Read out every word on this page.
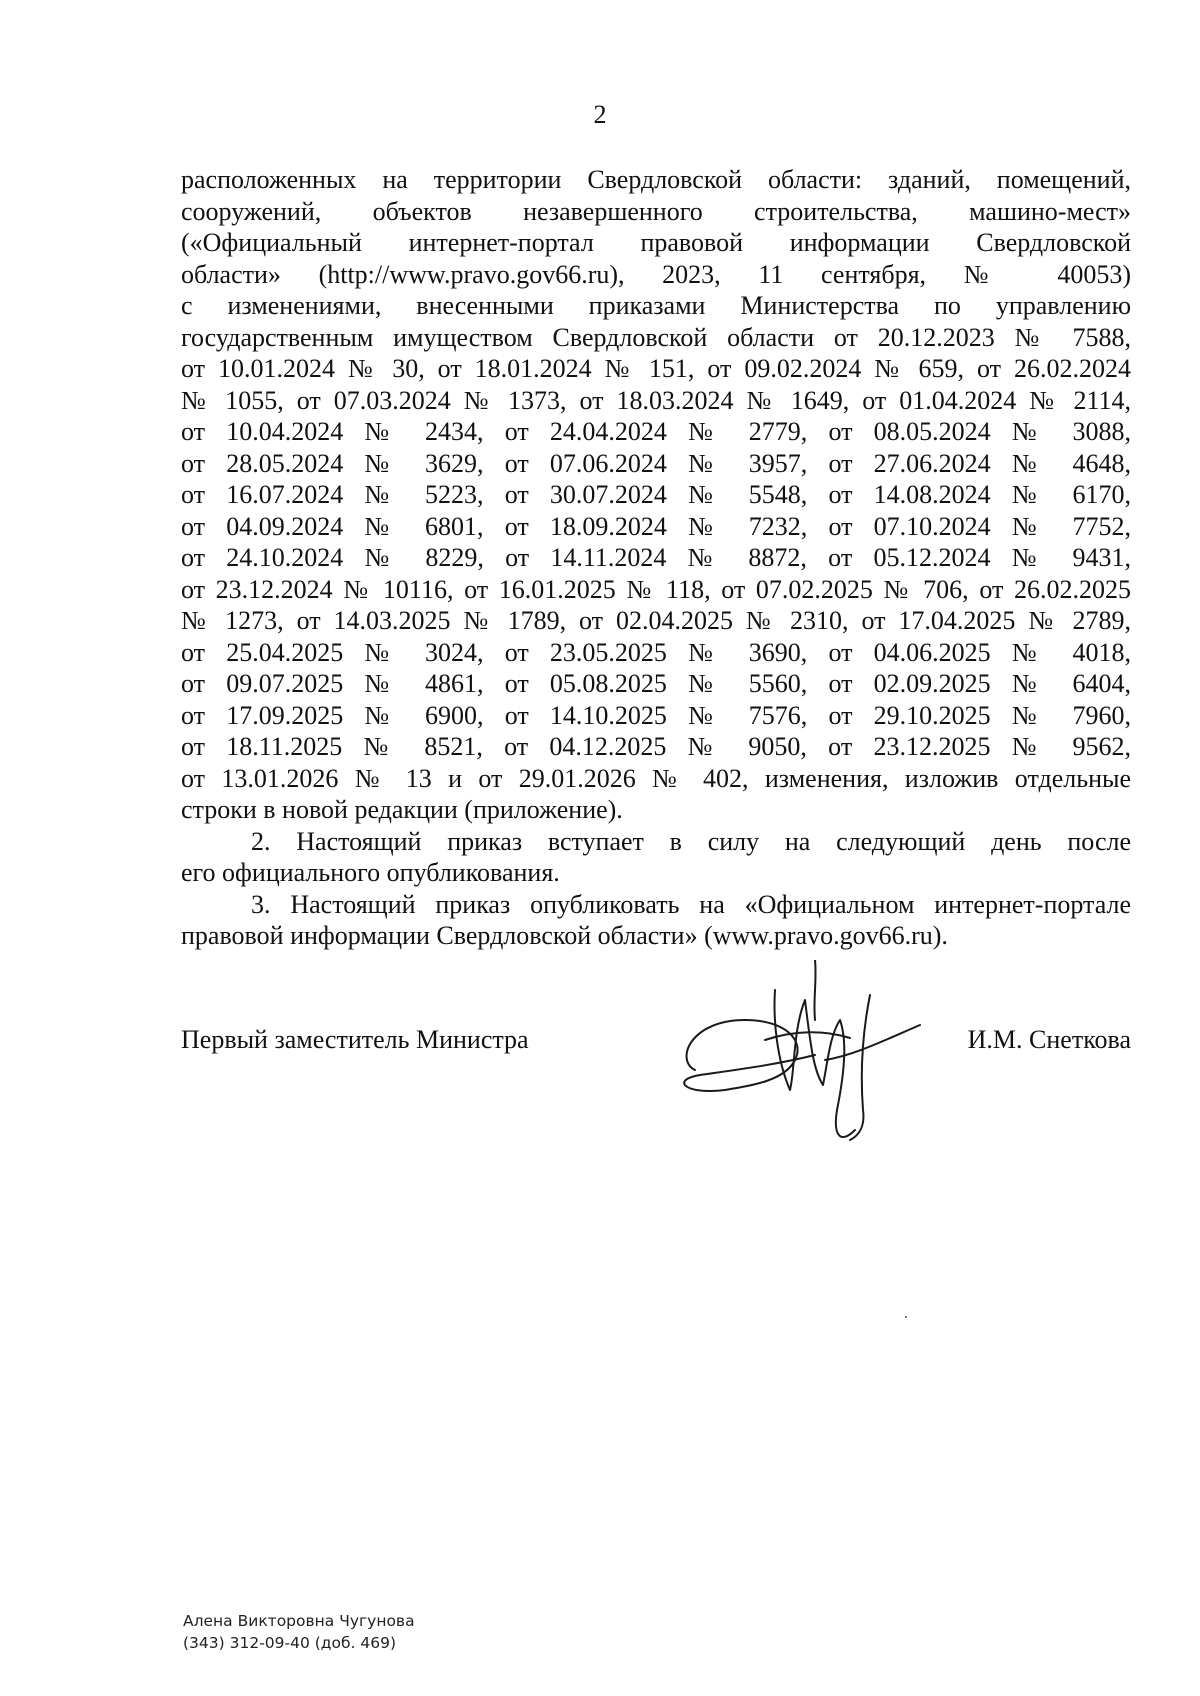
2
расположенных на территории Свердловской области: зданий, помещений,
сооружений, объектов незавершенного строительства, машино-мест»
(«Официальный интернет-портал правовой информации Свердловской
области» (http://www.pravo.gov66.ru), 2023, 11 сентября, № 40053)
с изменениями, внесенными приказами Министерства по управлению
государственным имуществом Свердловской области от 20.12.2023 № 7588,
от 10.01.2024 № 30, от 18.01.2024 № 151, от 09.02.2024 № 659, от 26.02.2024
№ 1055, от 07.03.2024 № 1373, от 18.03.2024 № 1649, от 01.04.2024 № 2114,
от 10.04.2024 № 2434, от 24.04.2024 № 2779, от 08.05.2024 № 3088,
от 28.05.2024 № 3629, от 07.06.2024 № 3957, от 27.06.2024 № 4648,
от 16.07.2024 № 5223, от 30.07.2024 № 5548, от 14.08.2024 № 6170,
от 04.09.2024 № 6801, от 18.09.2024 № 7232, от 07.10.2024 № 7752,
от 24.10.2024 № 8229, от 14.11.2024 № 8872, от 05.12.2024 № 9431,
от 23.12.2024 № 10116, от 16.01.2025 № 118, от 07.02.2025 № 706, от 26.02.2025
№ 1273, от 14.03.2025 № 1789, от 02.04.2025 № 2310, от 17.04.2025 № 2789,
от 25.04.2025 № 3024, от 23.05.2025 № 3690, от 04.06.2025 № 4018,
от 09.07.2025 № 4861, от 05.08.2025 № 5560, от 02.09.2025 № 6404,
от 17.09.2025 № 6900, от 14.10.2025 № 7576, от 29.10.2025 № 7960,
от 18.11.2025 № 8521, от 04.12.2025 № 9050, от 23.12.2025 № 9562,
от 13.01.2026 № 13 и от 29.01.2026 № 402, изменения, изложив отдельные
строки в новой редакции (приложение).
2. Настоящий приказ вступает в силу на следующий день после
его официального опубликования.
3. Настоящий приказ опубликовать на «Официальном интернет-портале
правовой информации Свердловской области» (www.pravo.gov66.ru).
Первый заместитель Министра	И.М. Снеткова
Алена Викторовна Чугунова
(343) 312-09-40 (доб. 469)
